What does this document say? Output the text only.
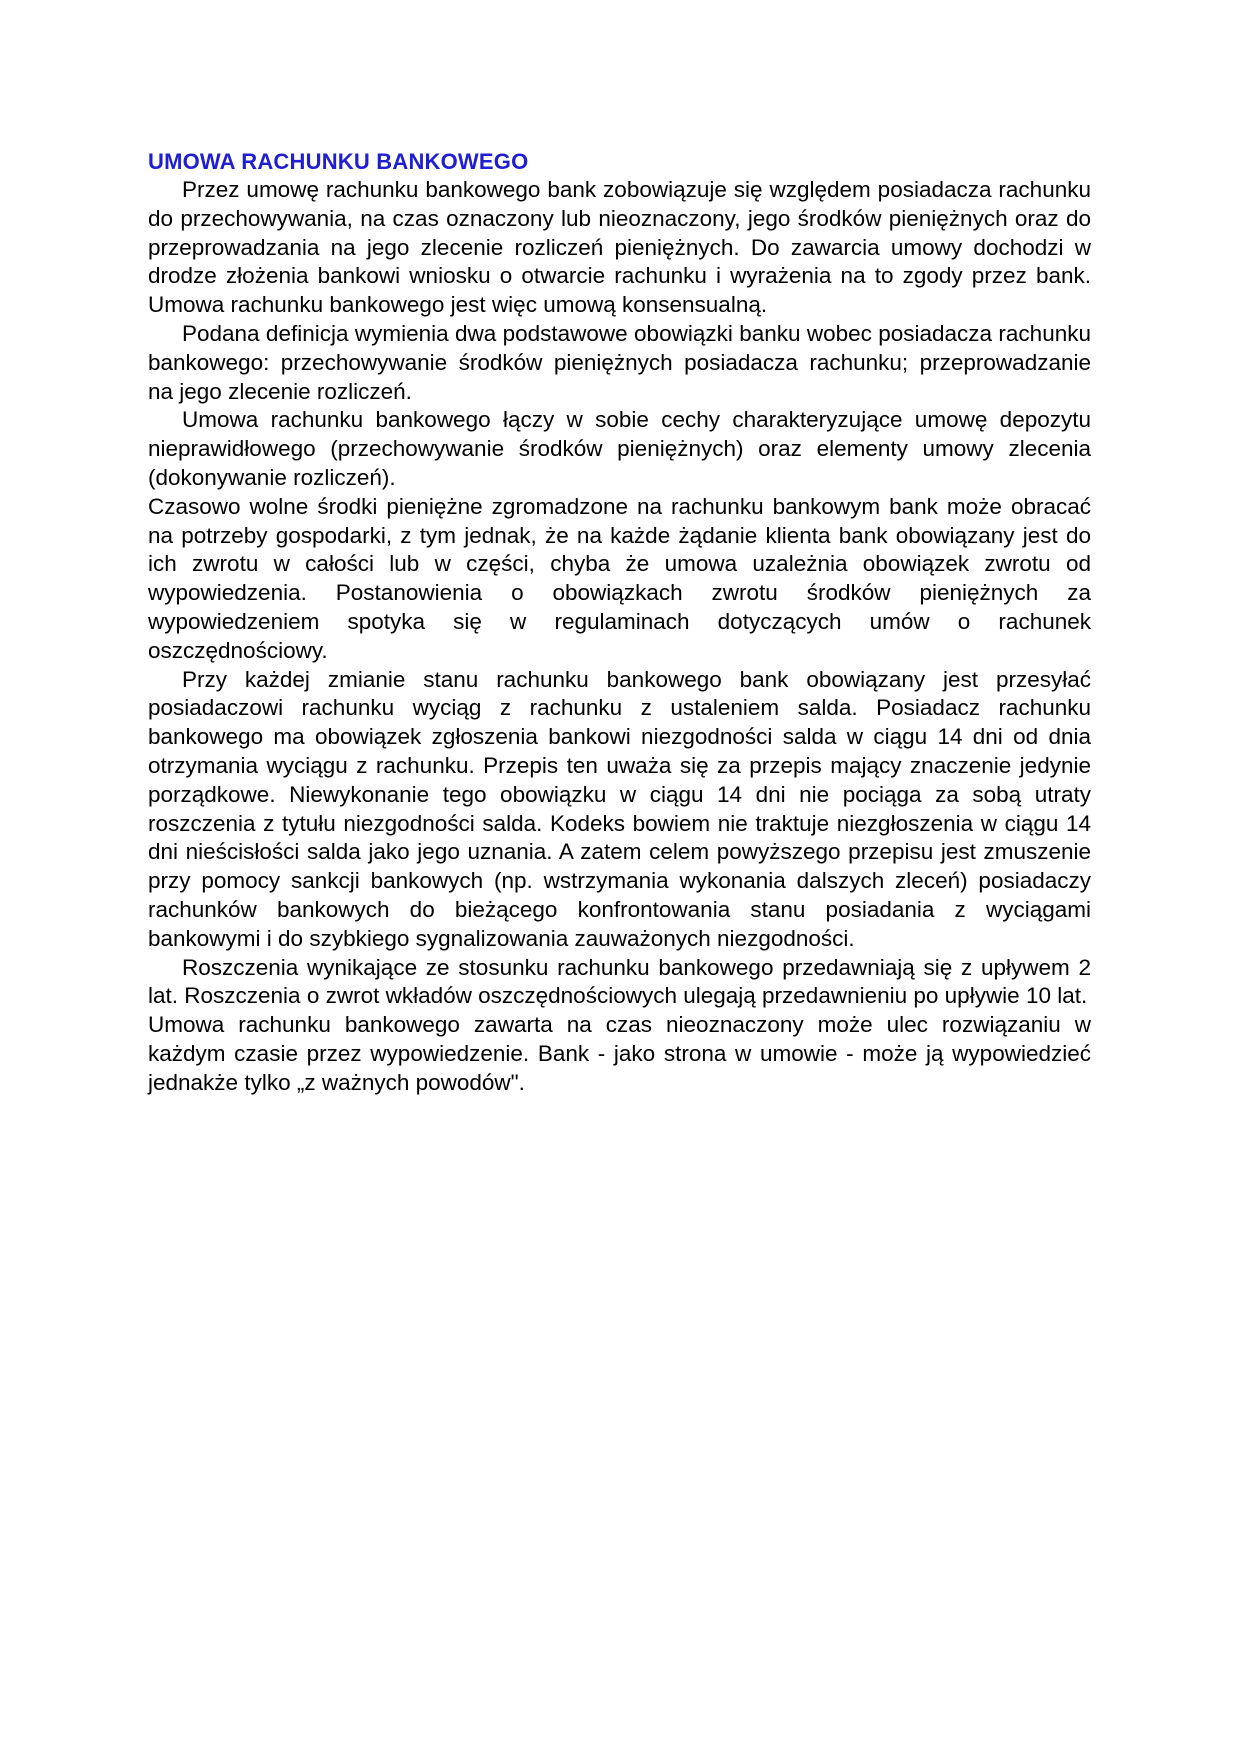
UMOWA RACHUNKU BANKOWEGO

Przez umowę rachunku bankowego bank zobowiązuje się względem posiadacza rachunku do przechowywania, na czas oznaczony lub nieoznaczony, jego środków pieniężnych oraz do przeprowadzania na jego zlecenie rozliczeń pieniężnych. Do zawarcia umowy dochodzi w drodze złożenia bankowi wniosku o otwarcie rachunku i wyrażenia na to zgody przez bank. Umowa rachunku bankowego jest więc umową konsensualną.

Podana definicja wymienia dwa podstawowe obowiązki banku wobec posiadacza rachunku bankowego: przechowywanie środków pieniężnych posiadacza rachunku; przeprowadzanie na jego zlecenie rozliczeń.

Umowa rachunku bankowego łączy w sobie cechy charakteryzujące umowę depozytu nieprawidłowego (przechowywanie środków pieniężnych) oraz elementy umowy zlecenia (dokonywanie rozliczeń).

Czasowo wolne środki pieniężne zgromadzone na rachunku bankowym bank może obracać na potrzeby gospodarki, z tym jednak, że na każde żądanie klienta bank obowiązany jest do ich zwrotu w całości lub w części, chyba że umowa uzależnia obowiązek zwrotu od wypowiedzenia. Postanowienia o obowiązkach zwrotu środków pieniężnych za wypowiedzeniem spotyka się w regulaminach dotyczących umów o rachunek oszczędnościowy.

Przy każdej zmianie stanu rachunku bankowego bank obowiązany jest przesyłać posiadaczowi rachunku wyciąg z rachunku z ustaleniem salda. Posiadacz rachunku bankowego ma obowiązek zgłoszenia bankowi niezgodności salda w ciągu 14 dni od dnia otrzymania wyciągu z rachunku. Przepis ten uważa się za przepis mający znaczenie jedynie porządkowe. Niewykonanie tego obowiązku w ciągu 14 dni nie pociąga za sobą utraty roszczenia z tytułu niezgodności salda. Kodeks bowiem nie traktuje niezgłoszenia w ciągu 14 dni nieścisłości salda jako jego uznania. A zatem celem powyższego przepisu jest zmuszenie przy pomocy sankcji bankowych (np. wstrzymania wykonania dalszych zleceń) posiadaczy rachunków bankowych do bieżącego konfrontowania stanu posiadania z wyciągami bankowymi i do szybkiego sygnalizowania zauważonych niezgodności.

Roszczenia wynikające ze stosunku rachunku bankowego przedawniają się z upływem 2 lat. Roszczenia o zwrot wkładów oszczędnościowych ulegają przedawnieniu po upływie 10 lat.

Umowa rachunku bankowego zawarta na czas nieoznaczony może ulec rozwiązaniu w każdym czasie przez wypowiedzenie. Bank - jako strona w umowie - może ją wypowiedzieć jednakże tylko „z ważnych powodów".
